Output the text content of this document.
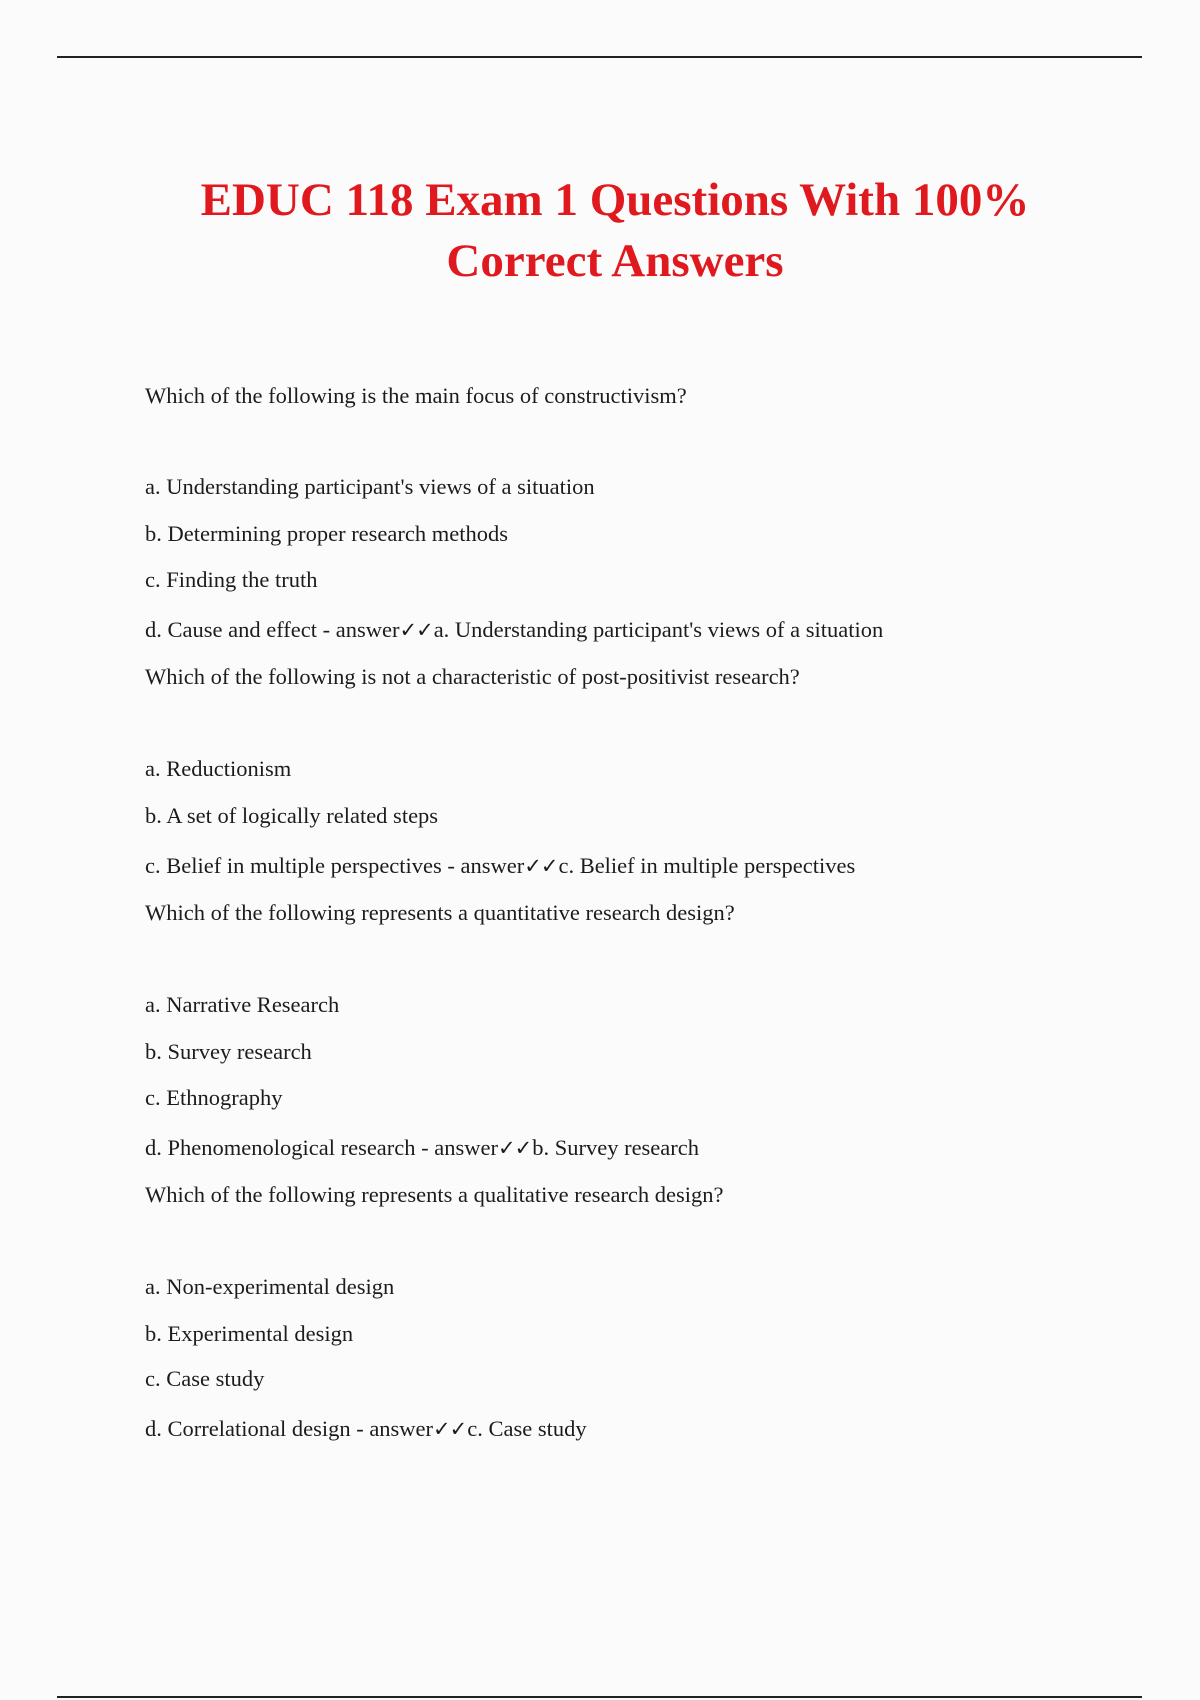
EDUC 118 Exam 1 Questions With 100%
Correct Answers

Which of the following is the main focus of constructivism?

a. Understanding participant's views of a situation

b. Determining proper research methods

c. Finding the truth

d. Cause and effect - answer✓✓a. Understanding participant's views of a situation

Which of the following is not a characteristic of post-positivist research?

a. Reductionism

b. A set of logically related steps

c. Belief in multiple perspectives - answer✓✓c. Belief in multiple perspectives

Which of the following represents a quantitative research design?

a. Narrative Research

b. Survey research

c. Ethnography

d. Phenomenological research - answer✓✓b. Survey research

Which of the following represents a qualitative research design?

a. Non-experimental design

b. Experimental design

c. Case study

d. Correlational design - answer✓✓c. Case study
